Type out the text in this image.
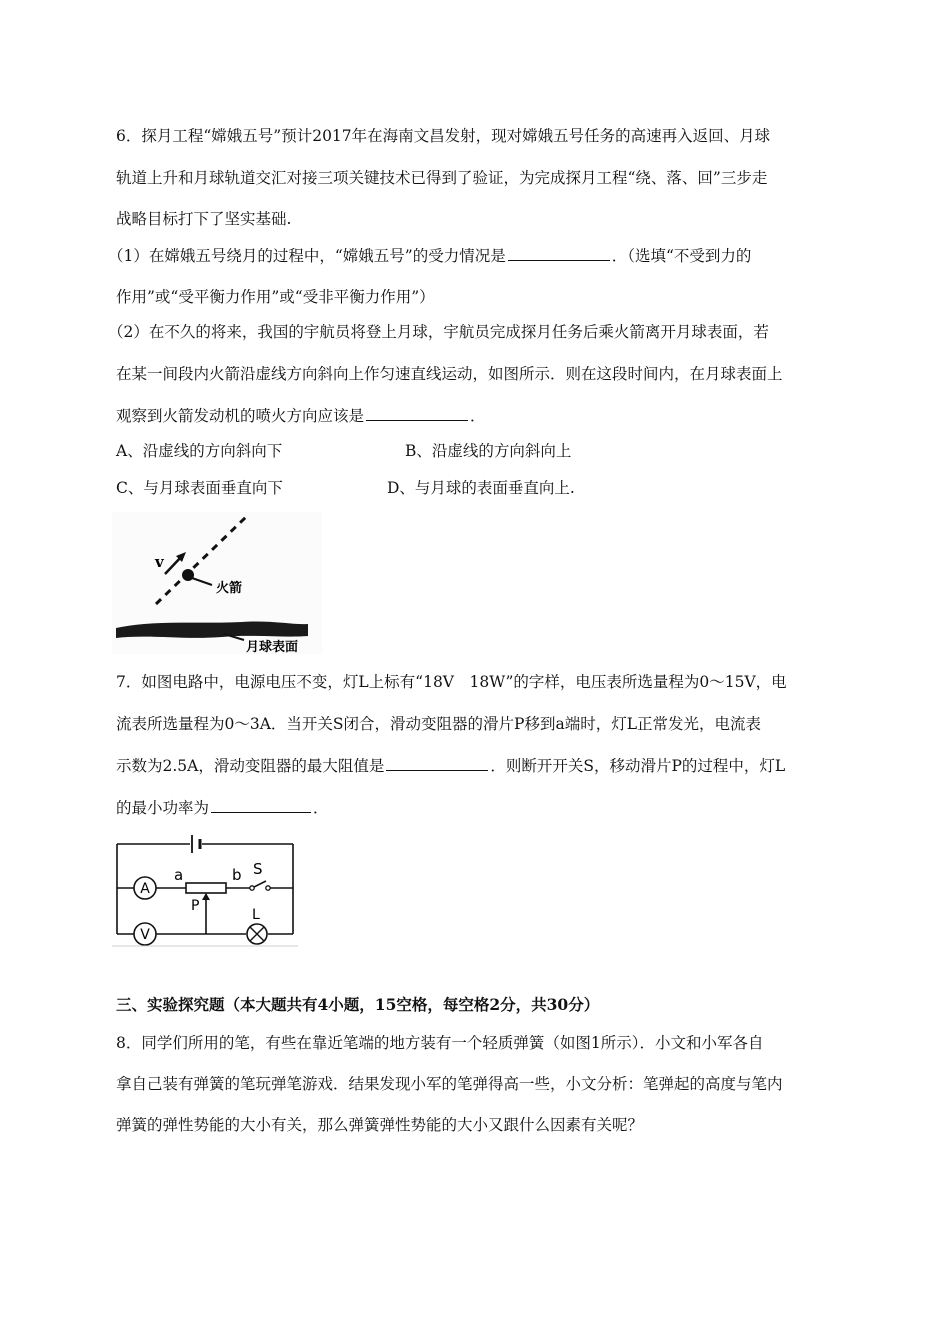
6．探月工程“嫦娥五号”预计2017年在海南文昌发射，现对嫦娥五号任务的高速再入返回、月球
轨道上升和月球轨道交汇对接三项关键技术已得到了验证，为完成探月工程“绕、落、回”三步走
战略目标打下了坚实基础.
（1）在嫦娥五号绕月的过程中，“嫦娥五号”的受力情况是	．（选填“不受到力的
作用”或“受平衡力作用”或“受非平衡力作用”）
（2）在不久的将来，我国的宇航员将登上月球，宇航员完成探月任务后乘火箭离开月球表面，若
在某一间段内火箭沿虚线方向斜向上作匀速直线运动，如图所示．则在这段时间内，在月球表面上
观察到火箭发动机的喷火方向应该是	．
A、沿虚线的方向斜向下	B、沿虚线的方向斜向上
C、与月球表面垂直向下	D、与月球的表面垂直向上.
v
火箭
月球表面
7．如图电路中，电源电压不变，灯L上标有“18V　18W”的字样，电压表所选量程为0～15V，电
流表所选量程为0～3A．当开关S闭合，滑动变阻器的滑片P移到a端时，灯L正常发光，电流表
示数为2.5A，滑动变阻器的最大阻值是	．则断开开关S，移动滑片P的过程中，灯L
的最小功率为	．
A
V
a	b
P
S
L
三、实验探究题（本大题共有4小题，15空格，每空格2分，共30分）
8．同学们所用的笔，有些在靠近笔端的地方装有一个轻质弹簧（如图1所示）．小文和小军各自
拿自己装有弹簧的笔玩弹笔游戏．结果发现小军的笔弹得高一些，小文分析：笔弹起的高度与笔内
弹簧的弹性势能的大小有关，那么弹簧弹性势能的大小又跟什么因素有关呢？
